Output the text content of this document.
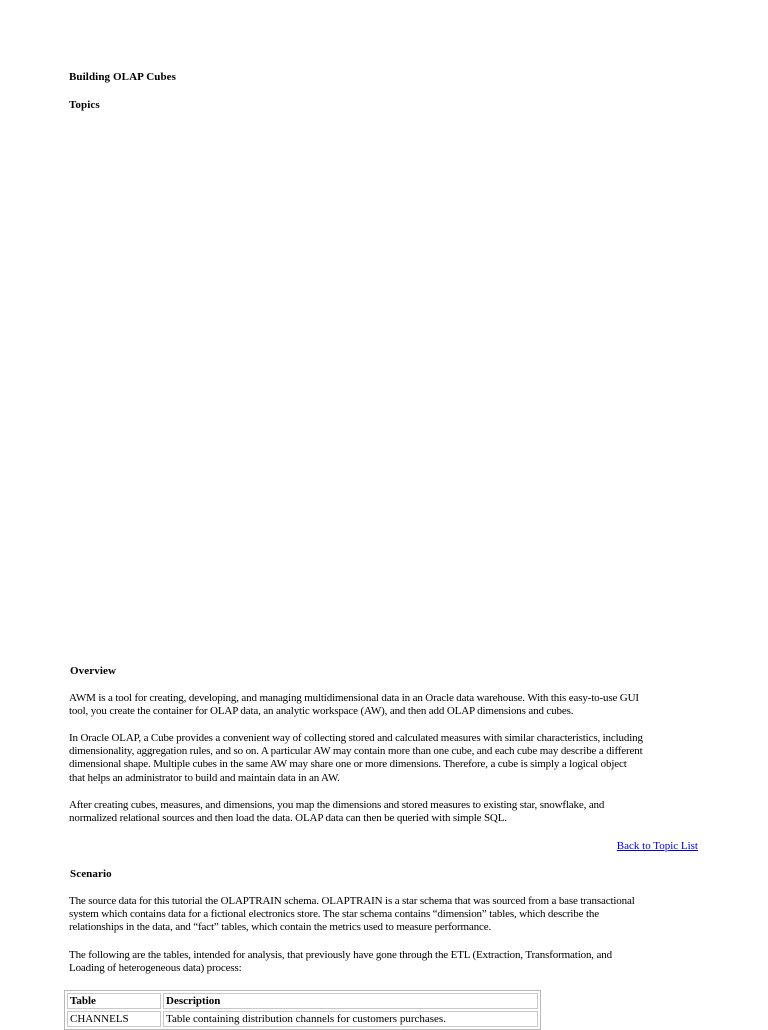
Building OLAP Cubes
Topics
Overview
AWM is a tool for creating, developing, and managing multidimensional data in an Oracle data warehouse. With this easy-to-use GUI
tool, you create the container for OLAP data, an analytic workspace (AW), and then add OLAP dimensions and cubes.
In Oracle OLAP, a Cube provides a convenient way of collecting stored and calculated measures with similar characteristics, including
dimensionality, aggregation rules, and so on. A particular AW may contain more than one cube, and each cube may describe a different
dimensional shape. Multiple cubes in the same AW may share one or more dimensions. Therefore, a cube is simply a logical object
that helps an administrator to build and maintain data in an AW.
After creating cubes, measures, and dimensions, you map the dimensions and stored measures to existing star, snowflake, and
normalized relational sources and then load the data. OLAP data can then be queried with simple SQL.
Back to Topic List
Scenario
The source data for this tutorial the OLAPTRAIN schema. OLAPTRAIN is a star schema that was sourced from a base transactional
system which contains data for a fictional electronics store. The star schema contains “dimension” tables, which describe the
relationships in the data, and “fact” tables, which contain the metrics used to measure performance.
The following are the tables, intended for analysis, that previously have gone through the ETL (Extraction, Transformation, and
Loading of heterogeneous data) process:
Table	Description
CHANNELS	Table containing distribution channels for customers purchases.
